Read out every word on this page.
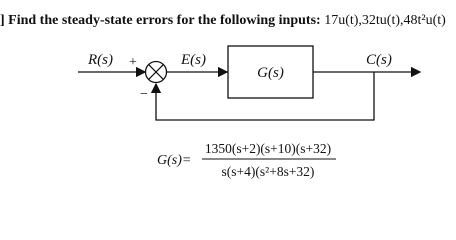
] Find the steady-state errors for the following inputs: 17u(t),32tu(t),48t²u(t)
R(s) +	E(s)
G(s)
C(s)
−
G(s)=
1350(s+2)(s+10)(s+32)
s(s+4)(s²+8s+32)
